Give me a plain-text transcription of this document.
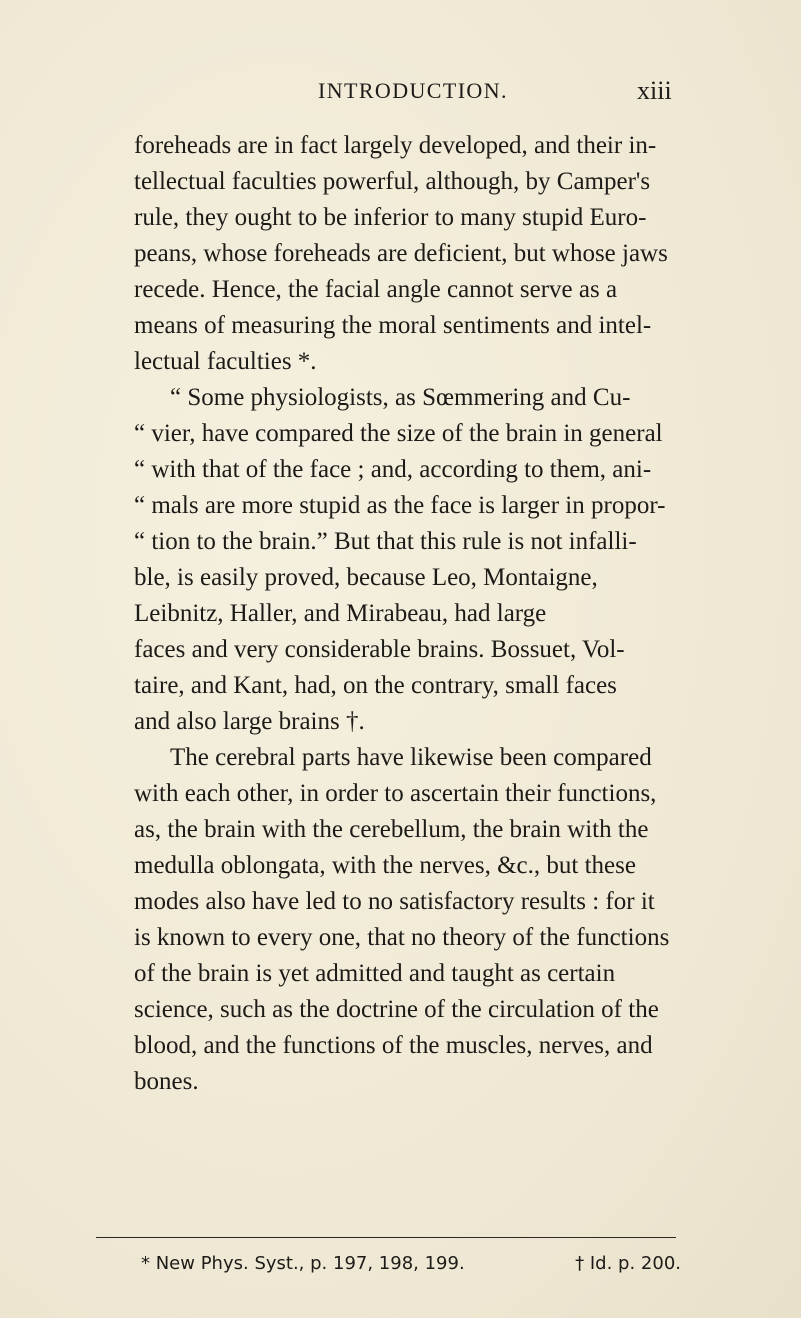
INTRODUCTION.	xiii
foreheads are in fact largely developed, and their in-
tellectual faculties powerful, although, by Camper's
rule, they ought to be inferior to many stupid Euro-
peans, whose foreheads are deficient, but whose jaws
recede. Hence, the facial angle cannot serve as a
means of measuring the moral sentiments and intel-
lectual faculties *.
“ Some physiologists, as Sœmmering and Cu-
“ vier, have compared the size of the brain in general
“ with that of the face ; and, according to them, ani-
“ mals are more stupid as the face is larger in propor-
“ tion to the brain.” But that this rule is not infalli-
ble, is easily proved, because Leo, Montaigne,
Leibnitz, Haller, and Mirabeau, had large
faces and very considerable brains. Bossuet, Vol-
taire, and Kant, had, on the contrary, small faces
and also large brains †.
The cerebral parts have likewise been compared
with each other, in order to ascertain their functions,
as, the brain with the cerebellum, the brain with the
medulla oblongata, with the nerves, &c., but these
modes also have led to no satisfactory results : for it
is known to every one, that no theory of the functions
of the brain is yet admitted and taught as certain
science, such as the doctrine of the circulation of the
blood, and the functions of the muscles, nerves, and
bones.
* New Phys. Syst., p. 197, 198, 199.	† Id. p. 200.
